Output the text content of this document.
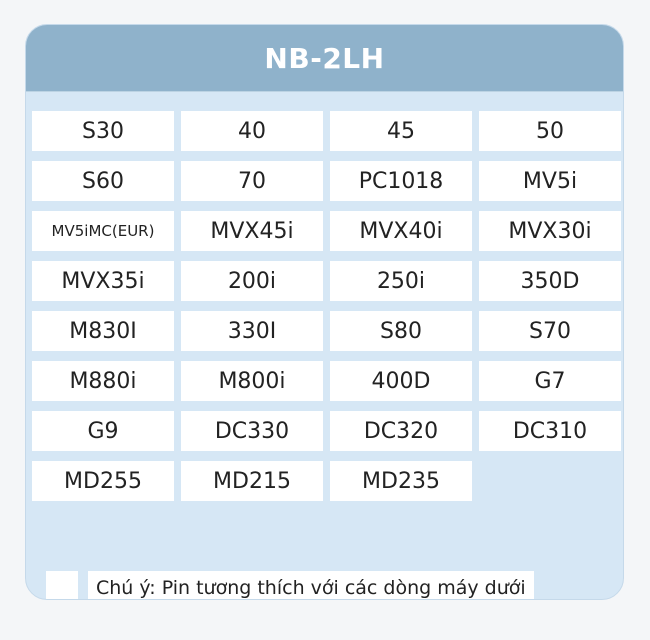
NB-2LH
S30	40	45	50
S60	70	PC1018	MV5i
MV5iMC(EUR)	MVX45i	MVX40i	MVX30i
MVX35i	200i	250i	350D
M830I	330I	S80	S70
M880i	M800i	400D	G7
G9	DC330	DC320	DC310
MD255	MD215	MD235
Chú ý: Pin tương thích với các dòng máy dưới
